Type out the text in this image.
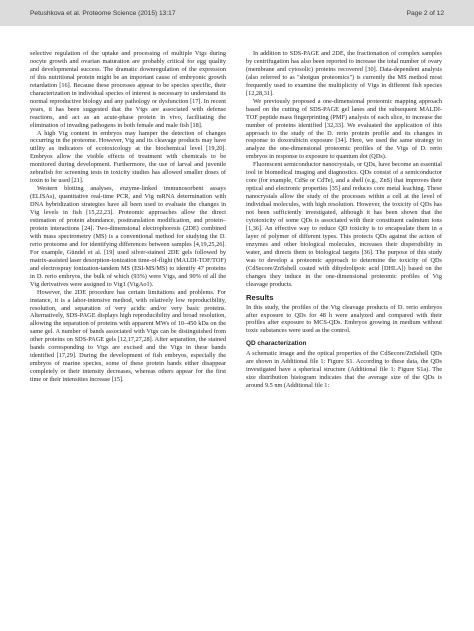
Petushkova et al. Proteome Science (2015) 13:17	Page 2 of 12

selective regulation of the uptake and processing of multiple Vtgs during oocyte growth and ovarian maturation are probably critical for egg quality and developmental success. The dramatic downregulation of the expression of this nutritional protein might be an important cause of embryonic growth retardation [16]. Because these processes appear to be species specific, their characterization in individual species of interest is necessary to understand its normal reproductive biology and any pathology or dysfunction [17]. In recent years, it has been suggested that the Vtgs are associated with defense reactions, and act as an acute-phase protein in vivo, facilitating the elimination of invading pathogens in both female and male fish [18].

A high Vtg content in embryos may hamper the detection of changes occurring in the proteome. However, Vtg and its cleavage products may have utility as indicators of ecotoxicology at the biochemical level [19,20]. Embryos allow the visible effects of treatment with chemicals to be monitored during development. Furthermore, the use of larval and juvenile zebrafish for screening tests in toxicity studies has allowed smaller doses of toxin to be used [21].

Western blotting analyses, enzyme-linked immunosorbent assays (ELISAs), quantitative real-time PCR, and Vtg mRNA determination with DNA hybridization strategies have all been used to evaluate the changes in Vtg levels in fish [15,22,23]. Proteomic approaches allow the direct estimation of protein abundance, posttranslation modification, and protein–protein interactions [24]. Two-dimensional electrophoresis (2DE) combined with mass spectrometry (MS) is a conventional method for studying the D. rerio proteome and for identifying differences between samples [4,19,25,26]. For example, Gündel et al. [19] used silver-stained 2DE gels followed by matrix-assisted laser desorption-ionization time-of-flight (MALDI-TOF/TOF) and electrospray ionization-tandem MS (ESI-MS/MS) to identify 47 proteins in D. rerio embryos, the bulk of which (93%) were Vtgs, and 90% of all the Vtg derivatives were assigned to Vtg1 (VtgAo1).

However, the 2DE procedure has certain limitations and problems. For instance, it is a labor-intensive method, with relatively low reproducibility, resolution, and separation of very acidic and/or very basic proteins. Alternatively, SDS-PAGE displays high reproducibility and broad resolution, allowing the separation of proteins with apparent MWs of 10–450 kDa on the same gel. A number of bands associated with Vtgs can be distinguished from other proteins on SDS-PAGE gels [12,17,27,28]. After separation, the stained bands corresponding to Vtgs are excised and the Vtgs in these bands identified [17,29]. During the development of fish embryos, especially the embryos of marine species, some of these protein bands either disappear completely or their intensity decreases, whereas others appear for the first time or their intensities increase [15].

In addition to SDS-PAGE and 2DE, the fractionation of complex samples by centrifugation has also been reported to increase the total number of ovary (membrane and cytosolic) proteins recovered [30]. Data-dependent analysis (also referred to as "shotgun proteomics") is currently the MS method most frequently used to examine the multiplicity of Vtgs in different fish species [12,28,31].

We previously proposed a one-dimensional proteomic mapping approach based on the cutting of SDS-PAGE gel lanes and the subsequent MALDI-TOF peptide mass fingerprinting (PMF) analysis of each slice, to increase the number of proteins identified [32,33]. We evaluated the application of this approach to the study of the D. rerio protein profile and its changes in response to doxorubicin exposure [34]. Here, we used the same strategy to analyze the one-dimensional proteomic profiles of the Vtgs of D. rerio embryos in response to exposure to quantum dot (QDs).

Fluorescent semiconductor nanocrystals, or QDs, have become an essential tool in biomedical imaging and diagnostics. QDs consist of a semiconductor core (for example, CdSe or CdTe), and a shell (e.g., ZnS) that improves their optical and electronic properties [35] and reduces core metal leaching. These nanocrystals allow the study of the processes within a cell at the level of individual molecules, with high resolution. However, the toxicity of QDs has not been sufficiently investigated, although it has been shown that the cytotoxicity of some QDs is associated with their constituent cadmium ions [1,36]. An effective way to reduce QD toxicity is to encapsulate them in a layer of polymer of different types. This protects QDs against the action of enzymes and other biological molecules, increases their dispersibility in water, and directs them to biological targets [36]. The purpose of this study was to develop a proteomic approach to determine the toxicity of QDs (CdSecore/ZnSshell coated with dihydrolipoic acid [DHLA]) based on the changes they induce in the one-dimensional proteomic profiles of Vtg cleavage products.

Results

In this study, the profiles of the Vtg cleavage products of D. rerio embryos after exposure to QDs for 48 h were analyzed and compared with their profiles after exposure to MCS-QDs. Embryos growing in medium without toxic substances were used as the control.

QD characterization

A schematic image and the optical properties of the CdSecore/ZnSshell QDs are shown in Additional file 1: Figure S1. According to these data, the QDs investigated have a spherical structure (Additional file 1: Figure S1a). The size distribution histogram indicates that the average size of the QDs is around 9.5 nm (Additional file 1:
